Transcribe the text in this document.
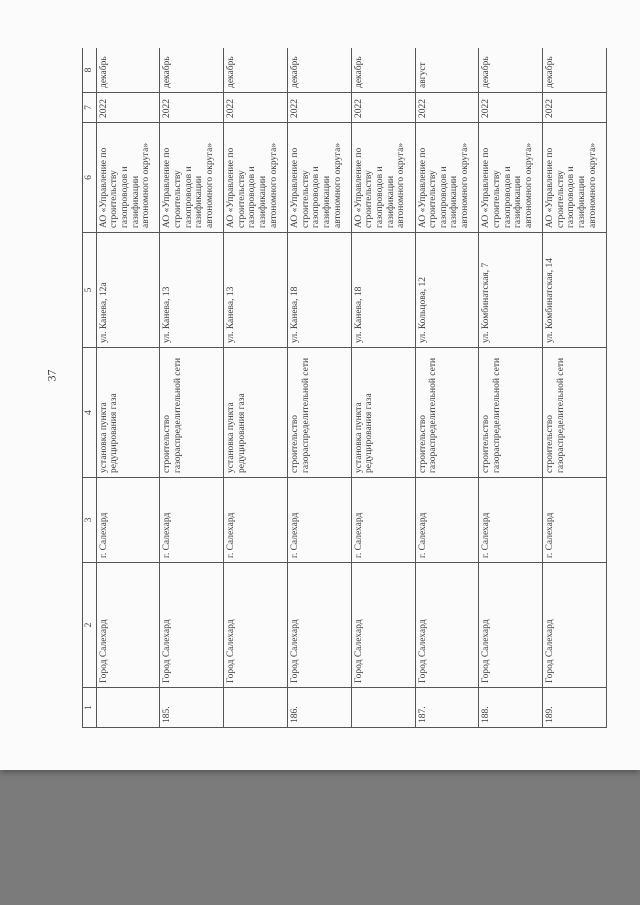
37
1	2	3	4	5	6	7	8
	Город Салехард	г. Салехард	установка пункта редуцирования газа	ул. Канева, 12а	АО «Управление по строительству газопроводов и газификации автономного округа»	2022	декабрь
185.	Город Салехард	г. Салехард	строительство газораспределительной сети	ул. Канева, 13	АО «Управление по строительству газопроводов и газификации автономного округа»	2022	декабрь
	Город Салехард	г. Салехард	установка пункта редуцирования газа	ул. Канева, 13	АО «Управление по строительству газопроводов и газификации автономного округа»	2022	декабрь
186.	Город Салехард	г. Салехард	строительство газораспределительной сети	ул. Канева, 18	АО «Управление по строительству газопроводов и газификации автономного округа»	2022	декабрь
	Город Салехард	г. Салехард	установка пункта редуцирования газа	ул. Канева, 18	АО «Управление по строительству газопроводов и газификации автономного округа»	2022	декабрь
187.	Город Салехард	г. Салехард	строительство газораспределительной сети	ул. Кольцова, 12	АО «Управление по строительству газопроводов и газификации автономного округа»	2022	август
188.	Город Салехард	г. Салехард	строительство газораспределительной сети	ул. Комбинатская, 7	АО «Управление по строительству газопроводов и газификации автономного округа»	2022	декабрь
189.	Город Салехард	г. Салехард	строительство газораспределительной сети	ул. Комбинатская, 14	АО «Управление по строительству газопроводов и газификации автономного округа»	2022	декабрь
